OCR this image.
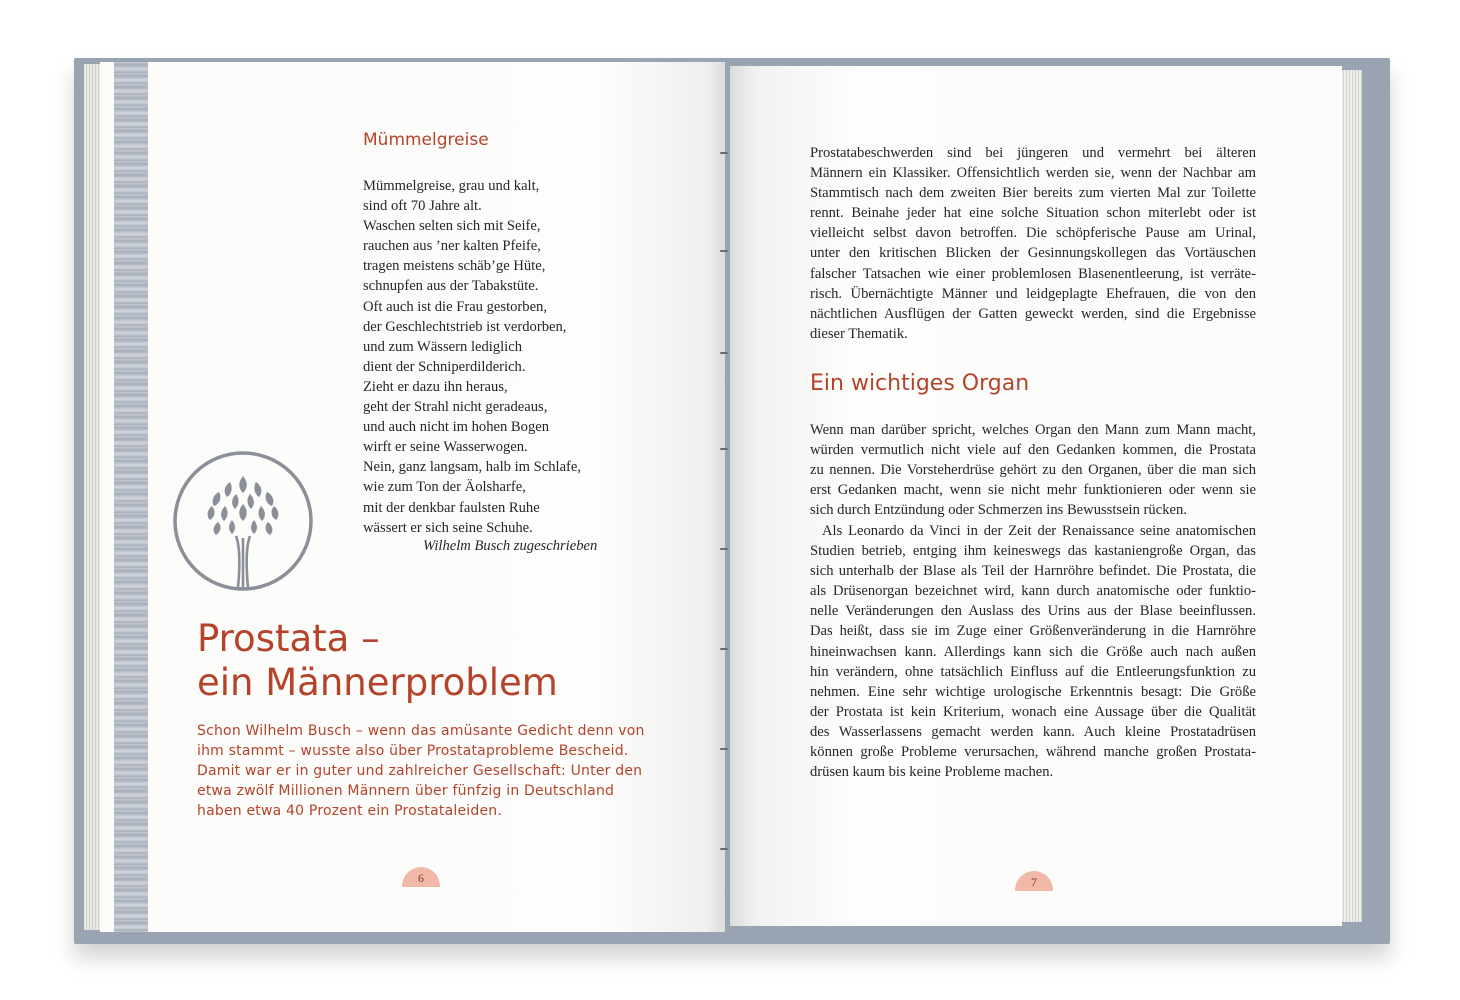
Mümmelgreise
Mümmelgreise, grau und kalt,
sind oft 70 Jahre alt.
Waschen selten sich mit Seife,
rauchen aus ’ner kalten Pfeife,
tragen meistens schäb’ge Hüte,
schnupfen aus der Tabakstüte.
Oft auch ist die Frau gestorben,
der Geschlechtstrieb ist verdorben,
und zum Wässern lediglich
dient der Schniperdilderich.
Zieht er dazu ihn heraus,
geht der Strahl nicht geradeaus,
und auch nicht im hohen Bogen
wirft er seine Wasserwogen.
Nein, ganz langsam, halb im Schlafe,
wie zum Ton der Äolsharfe,
mit der denkbar faulsten Ruhe
wässert er sich seine Schuhe.
Wilhelm Busch zugeschrieben
Prostata –
ein Männerproblem
Schon Wilhelm Busch – wenn das amüsante Gedicht denn von
ihm stammt – wusste also über Prostataprobleme Bescheid.
Damit war er in guter und zahlreicher Gesellschaft: Unter den
etwa zwölf Millionen Männern über fünfzig in Deutschland
haben etwa 40 Prozent ein Prostataleiden.
6
Prostatabeschwerden sind bei jüngeren und vermehrt bei älteren
Männern ein Klassiker. Offensichtlich werden sie, wenn der Nachbar am
Stammtisch nach dem zweiten Bier bereits zum vierten Mal zur Toilette
rennt. Beinahe jeder hat eine solche Situation schon miterlebt oder ist
vielleicht selbst davon betroffen. Die schöpferische Pause am Urinal,
unter den kritischen Blicken der Gesinnungskollegen das Vortäuschen
falscher Tatsachen wie einer problemlosen Blasenentleerung, ist verräte-
risch. Übernächtigte Männer und leidgeplagte Ehefrauen, die von den
nächtlichen Ausflügen der Gatten geweckt werden, sind die Ergebnisse
dieser Thematik.
Ein wichtiges Organ
Wenn man darüber spricht, welches Organ den Mann zum Mann macht,
würden vermutlich nicht viele auf den Gedanken kommen, die Prostata
zu nennen. Die Vorsteherdrüse gehört zu den Organen, über die man sich
erst Gedanken macht, wenn sie nicht mehr funktionieren oder wenn sie
sich durch Entzündung oder Schmerzen ins Bewusstsein rücken.
Als Leonardo da Vinci in der Zeit der Renaissance seine anatomischen
Studien betrieb, entging ihm keineswegs das kastaniengroße Organ, das
sich unterhalb der Blase als Teil der Harnröhre befindet. Die Prostata, die
als Drüsenorgan bezeichnet wird, kann durch anatomische oder funktio-
nelle Veränderungen den Auslass des Urins aus der Blase beeinflussen.
Das heißt, dass sie im Zuge einer Größenveränderung in die Harnröhre
hineinwachsen kann. Allerdings kann sich die Größe auch nach außen
hin verändern, ohne tatsächlich Einfluss auf die Entleerungsfunktion zu
nehmen. Eine sehr wichtige urologische Erkenntnis besagt: Die Größe
der Prostata ist kein Kriterium, wonach eine Aussage über die Qualität
des Wasserlassens gemacht werden kann. Auch kleine Prostatadrüsen
können große Probleme verursachen, während manche großen Prostata-
drüsen kaum bis keine Probleme machen.
7
